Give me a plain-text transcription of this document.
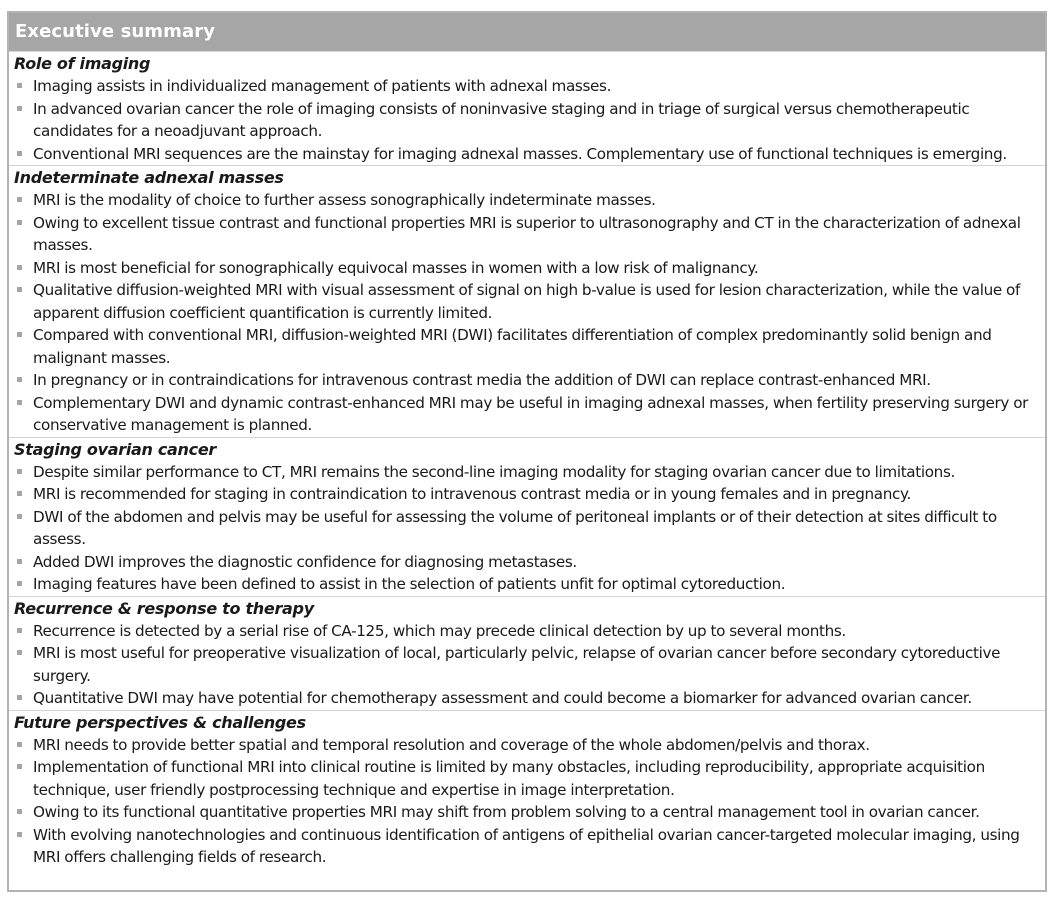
Executive summary
Role of imaging
Imaging assists in individualized management of patients with adnexal masses.
In advanced ovarian cancer the role of imaging consists of noninvasive staging and in triage of surgical versus chemotherapeutic candidates for a neoadjuvant approach.
Conventional MRI sequences are the mainstay for imaging adnexal masses. Complementary use of functional techniques is emerging.
Indeterminate adnexal masses
MRI is the modality of choice to further assess sonographically indeterminate masses.
Owing to excellent tissue contrast and functional properties MRI is superior to ultrasonography and CT in the characterization of adnexal masses.
MRI is most beneficial for sonographically equivocal masses in women with a low risk of malignancy.
Qualitative diffusion-weighted MRI with visual assessment of signal on high b-value is used for lesion characterization, while the value of apparent diffusion coefficient quantification is currently limited.
Compared with conventional MRI, diffusion-weighted MRI (DWI) facilitates differentiation of complex predominantly solid benign and malignant masses.
In pregnancy or in contraindications for intravenous contrast media the addition of DWI can replace contrast-enhanced MRI.
Complementary DWI and dynamic contrast-enhanced MRI may be useful in imaging adnexal masses, when fertility preserving surgery or conservative management is planned.
Staging ovarian cancer
Despite similar performance to CT, MRI remains the second-line imaging modality for staging ovarian cancer due to limitations.
MRI is recommended for staging in contraindication to intravenous contrast media or in young females and in pregnancy.
DWI of the abdomen and pelvis may be useful for assessing the volume of peritoneal implants or of their detection at sites difficult to assess.
Added DWI improves the diagnostic confidence for diagnosing metastases.
Imaging features have been defined to assist in the selection of patients unfit for optimal cytoreduction.
Recurrence & response to therapy
Recurrence is detected by a serial rise of CA-125, which may precede clinical detection by up to several months.
MRI is most useful for preoperative visualization of local, particularly pelvic, relapse of ovarian cancer before secondary cytoreductive surgery.
Quantitative DWI may have potential for chemotherapy assessment and could become a biomarker for advanced ovarian cancer.
Future perspectives & challenges
MRI needs to provide better spatial and temporal resolution and coverage of the whole abdomen/pelvis and thorax.
Implementation of functional MRI into clinical routine is limited by many obstacles, including reproducibility, appropriate acquisition technique, user friendly postprocessing technique and expertise in image interpretation.
Owing to its functional quantitative properties MRI may shift from problem solving to a central management tool in ovarian cancer.
With evolving nanotechnologies and continuous identification of antigens of epithelial ovarian cancer-targeted molecular imaging, using MRI offers challenging fields of research.
